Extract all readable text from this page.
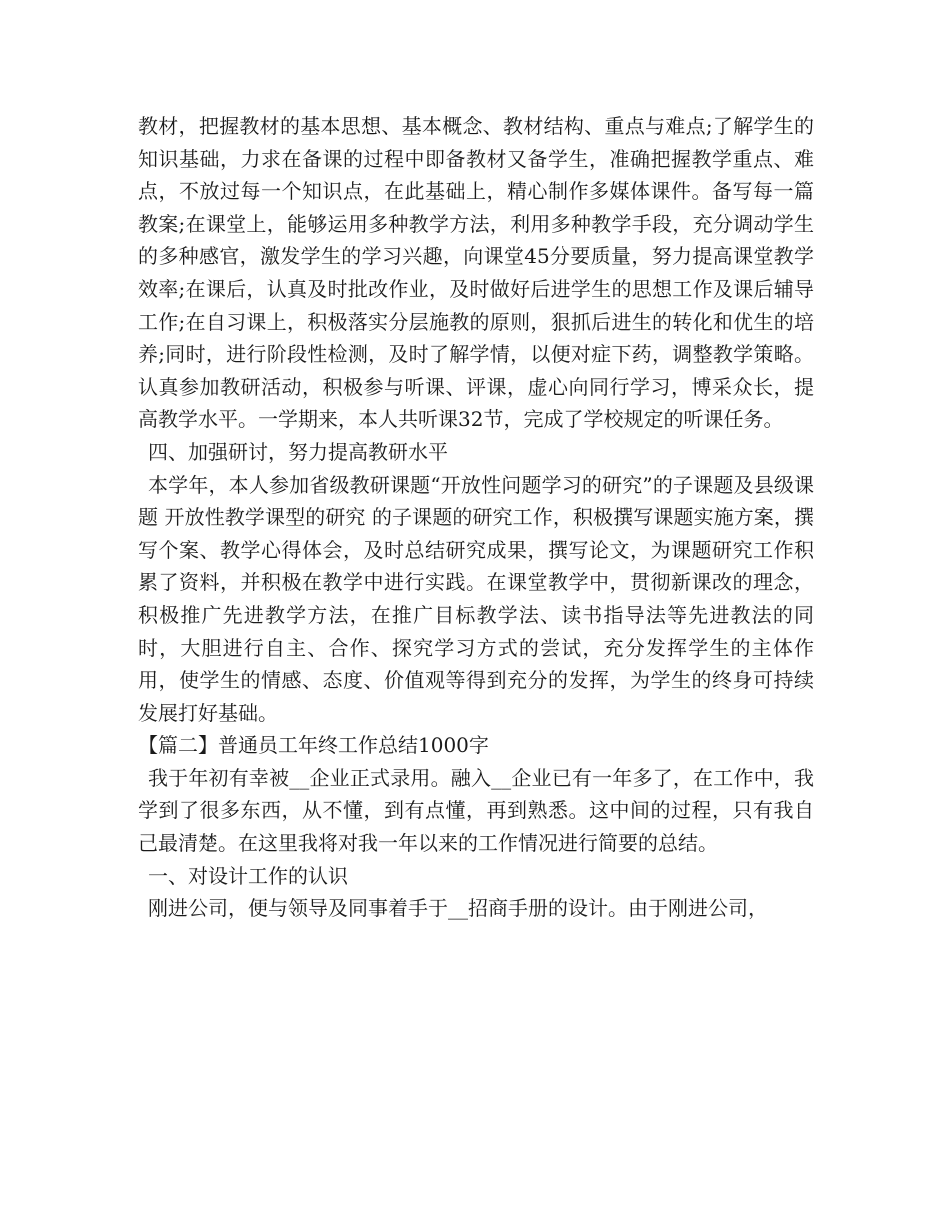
教材，把握教材的基本思想、基本概念、教材结构、重点与难点;了解学生的知识基础，力求在备课的过程中即备教材又备学生，准确把握教学重点、难点，不放过每一个知识点，在此基础上，精心制作多媒体课件。备写每一篇教案;在课堂上，能够运用多种教学方法，利用多种教学手段，充分调动学生的多种感官，激发学生的学习兴趣，向课堂45分要质量，努力提高课堂教学效率;在课后，认真及时批改作业，及时做好后进学生的思想工作及课后辅导工作;在自习课上，积极落实分层施教的原则，狠抓后进生的转化和优生的培养;同时，进行阶段性检测，及时了解学情，以便对症下药，调整教学策略。认真参加教研活动，积极参与听课、评课，虚心向同行学习，博采众长，提高教学水平。一学期来，本人共听课32节，完成了学校规定的听课任务。

四、加强研讨，努力提高教研水平

本学年，本人参加省级教研课题“开放性问题学习的研究”的子课题及县级课题 开放性教学课型的研究 的子课题的研究工作，积极撰写课题实施方案，撰写个案、教学心得体会，及时总结研究成果，撰写论文，为课题研究工作积累了资料，并积极在教学中进行实践。在课堂教学中，贯彻新课改的理念，积极推广先进教学方法，在推广目标教学法、读书指导法等先进教法的同时，大胆进行自主、合作、探究学习方式的尝试，充分发挥学生的主体作用，使学生的情感、态度、价值观等得到充分的发挥，为学生的终身可持续发展打好基础。

【篇二】普通员工年终工作总结1000字

我于年初有幸被__企业正式录用。融入__企业已有一年多了，在工作中，我学到了很多东西，从不懂，到有点懂，再到熟悉。这中间的过程，只有我自己最清楚。在这里我将对我一年以来的工作情况进行简要的总结。

一、对设计工作的认识

刚进公司，便与领导及同事着手于__招商手册的设计。由于刚进公司，
